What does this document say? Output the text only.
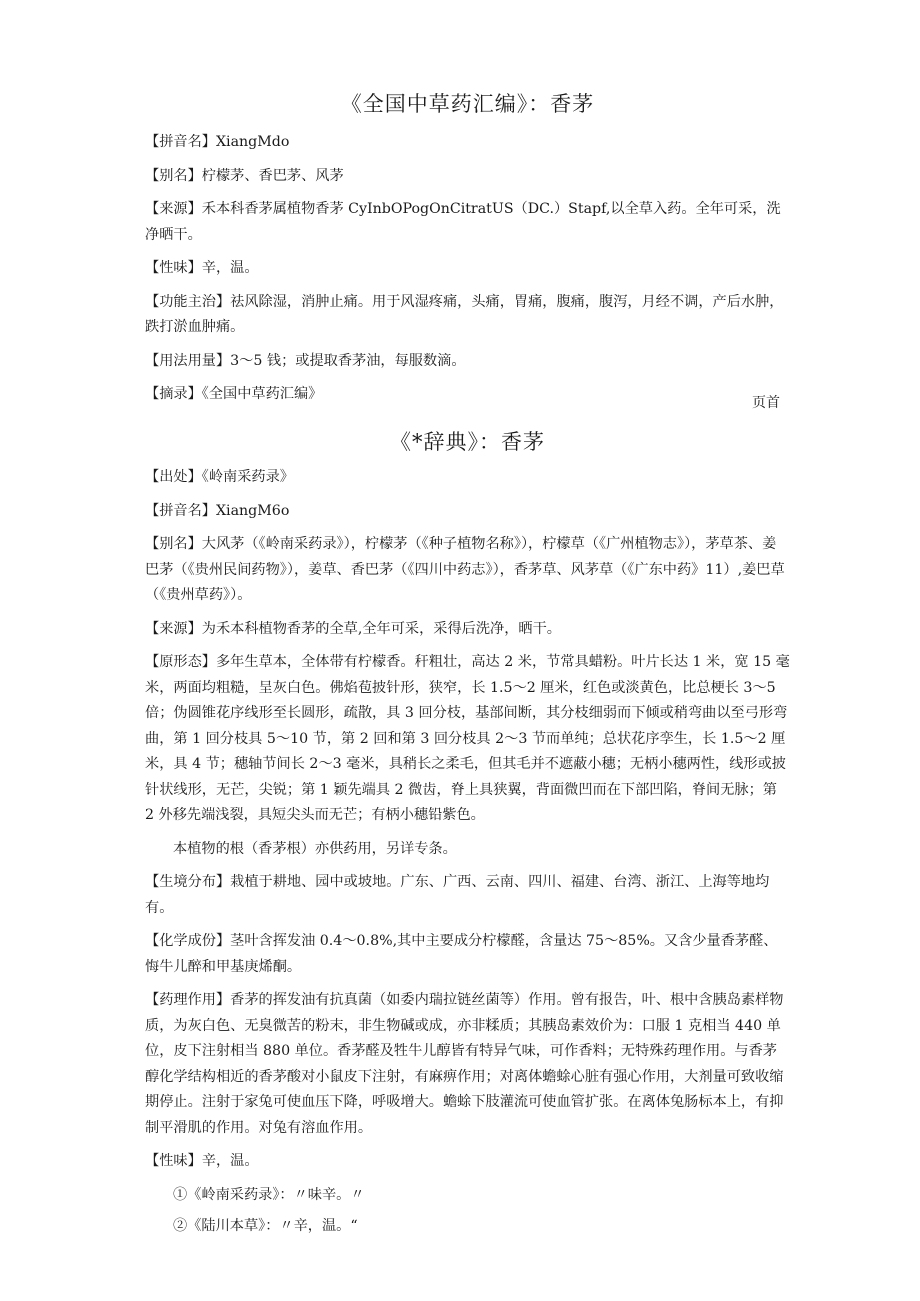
《全国中草药汇编》：香茅

【拼音名】XiangMdo

【别名】柠檬茅、香巴茅、风茅

【来源】禾本科香茅属植物香茅 CyInbOPogOnCitratUS（DC.）Stapf,以全草入药。全年可采，洗净晒干。

【性味】辛，温。

【功能主治】祛风除湿，消肿止痛。用于风湿疼痛，头痛，胃痛，腹痛，腹泻，月经不调，产后水肿，跌打淤血肿痛。

【用法用量】3～5 钱；或提取香茅油，每服数滴。

【摘录】《全国中草药汇编》

页首
《*辞典》：香茅

【出处】《岭南采药录》

【拼音名】XiangM6o

【别名】大风茅（《岭南采药录》），柠檬茅（《种子植物名称》），柠檬草（《广州植物志》），茅草茶、姜巴茅（《贵州民间药物》），姜草、香巴茅（《四川中药志》），香茅草、风茅草（《广东中药》11）,姜巴草（《贵州草药》）。

【来源】为禾本科植物香茅的全草,全年可采，采得后洗净，晒干。

【原形态】多年生草本，全体带有柠檬香。秆粗壮，高达 2 米，节常具蜡粉。叶片长达 1 米，宽 15 毫米，两面均粗糙，呈灰白色。佛焰苞披针形，狭窄，长 1.5～2 厘米，红色或淡黄色，比总梗长 3～5 倍；伪圆锥花序线形至长圆形，疏散，具 3 回分枝，基部间断，其分枝细弱而下倾或稍弯曲以至弓形弯曲，第 1 回分枝具 5～10 节，第 2 回和第 3 回分枝具 2～3 节而单纯；总状花序孪生，长 1.5～2 厘米，具 4 节；穗轴节间长 2～3 毫米，具稍长之柔毛，但其毛并不遮蔽小穗；无柄小穗两性，线形或披针状线形，无芒，尖锐；第 1 颖先端具 2 微齿，脊上具狭翼，背面微凹而在下部凹陷，脊间无脉；第 2 外移先端浅裂，具短尖头而无芒；有柄小穗铅紫色。

本植物的根（香茅根）亦供药用，另详专条。

【生境分布】栽植于耕地、园中或坡地。广东、广西、云南、四川、福建、台湾、浙江、上海等地均有。

【化学成份】茎叶含挥发油 0.4～0.8%,其中主要成分柠檬醛，含量达 75～85%。又含少量香茅醛、悔牛儿醉和甲基庚烯酮。

【药理作用】香茅的挥发油有抗真菌（如委内瑞拉链丝菌等）作用。曾有报告，叶、根中含胰岛素样物质，为灰白色、无臭微苦的粉末，非生物碱或成，亦非糅质；其胰岛素效价为：口服 1 克相当 440 单位，皮下注射相当 880 单位。香茅醛及牲牛儿醇皆有特异气味，可作香料；无特殊药理作用。与香茅醇化学结构相近的香茅酸对小鼠皮下注射，有麻痹作用；对离体蟾蜍心脏有强心作用，大剂量可致收缩期停止。注射于家兔可使血压下降，呼吸增大。蟾蜍下肢灌流可使血管扩张。在离体兔肠标本上，有抑制平滑肌的作用。对兔有溶血作用。

【性味】辛，温。

①《岭南采药录》：〃味辛。〃

②《陆川本草》：〃辛，温。“
